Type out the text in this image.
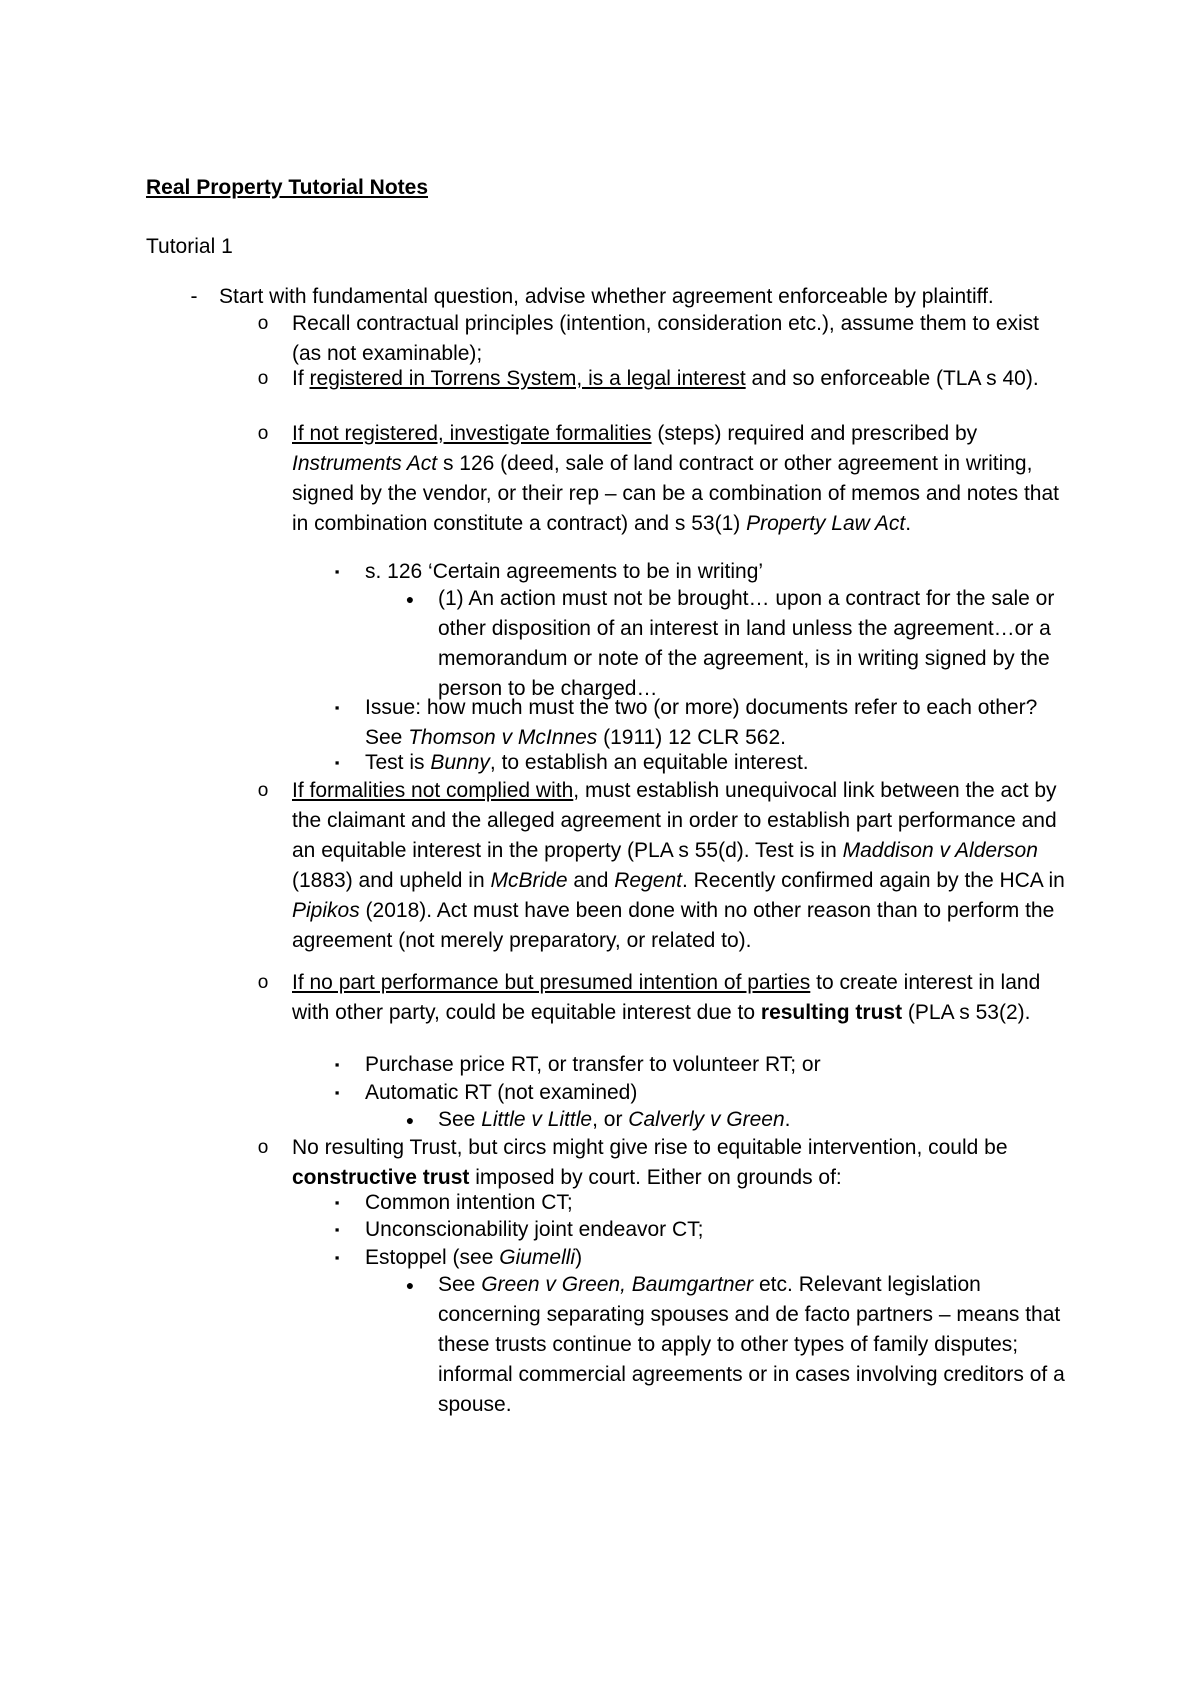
Real Property Tutorial Notes
Tutorial 1
-	Start with fundamental question, advise whether agreement enforceable by plaintiff.
o Recall contractual principles (intention, consideration etc.), assume them to exist (as not examinable);
o If registered in Torrens System, is a legal interest and so enforceable (TLA s 40).
o If not registered, investigate formalities (steps) required and prescribed by Instruments Act s 126 (deed, sale of land contract or other agreement in writing, signed by the vendor, or their rep – can be a combination of memos and notes that in combination constitute a contract) and s 53(1) Property Law Act.
▪	s. 126 ‘Certain agreements to be in writing’
● (1) An action must not be brought… upon a contract for the sale or other disposition of an interest in land unless the agreement…or a memorandum or note of the agreement, is in writing signed by the person to be charged…
▪	Issue: how much must the two (or more) documents refer to each other? See Thomson v McInnes (1911) 12 CLR 562.
▪	Test is Bunny, to establish an equitable interest.
o If formalities not complied with, must establish unequivocal link between the act by the claimant and the alleged agreement in order to establish part performance and an equitable interest in the property (PLA s 55(d). Test is in Maddison v Alderson (1883) and upheld in McBride and Regent. Recently confirmed again by the HCA in Pipikos (2018). Act must have been done with no other reason than to perform the agreement (not merely preparatory, or related to).
o If no part performance but presumed intention of parties to create interest in land with other party, could be equitable interest due to resulting trust (PLA s 53(2).
▪	Purchase price RT, or transfer to volunteer RT; or
▪	Automatic RT (not examined)
● See Little v Little, or Calverly v Green.
o No resulting Trust, but circs might give rise to equitable intervention, could be constructive trust imposed by court. Either on grounds of:
▪	Common intention CT;
▪	Unconscionability joint endeavor CT;
▪	Estoppel (see Giumelli)
● See Green v Green, Baumgartner etc. Relevant legislation concerning separating spouses and de facto partners – means that these trusts continue to apply to other types of family disputes; informal commercial agreements or in cases involving creditors of a spouse.
